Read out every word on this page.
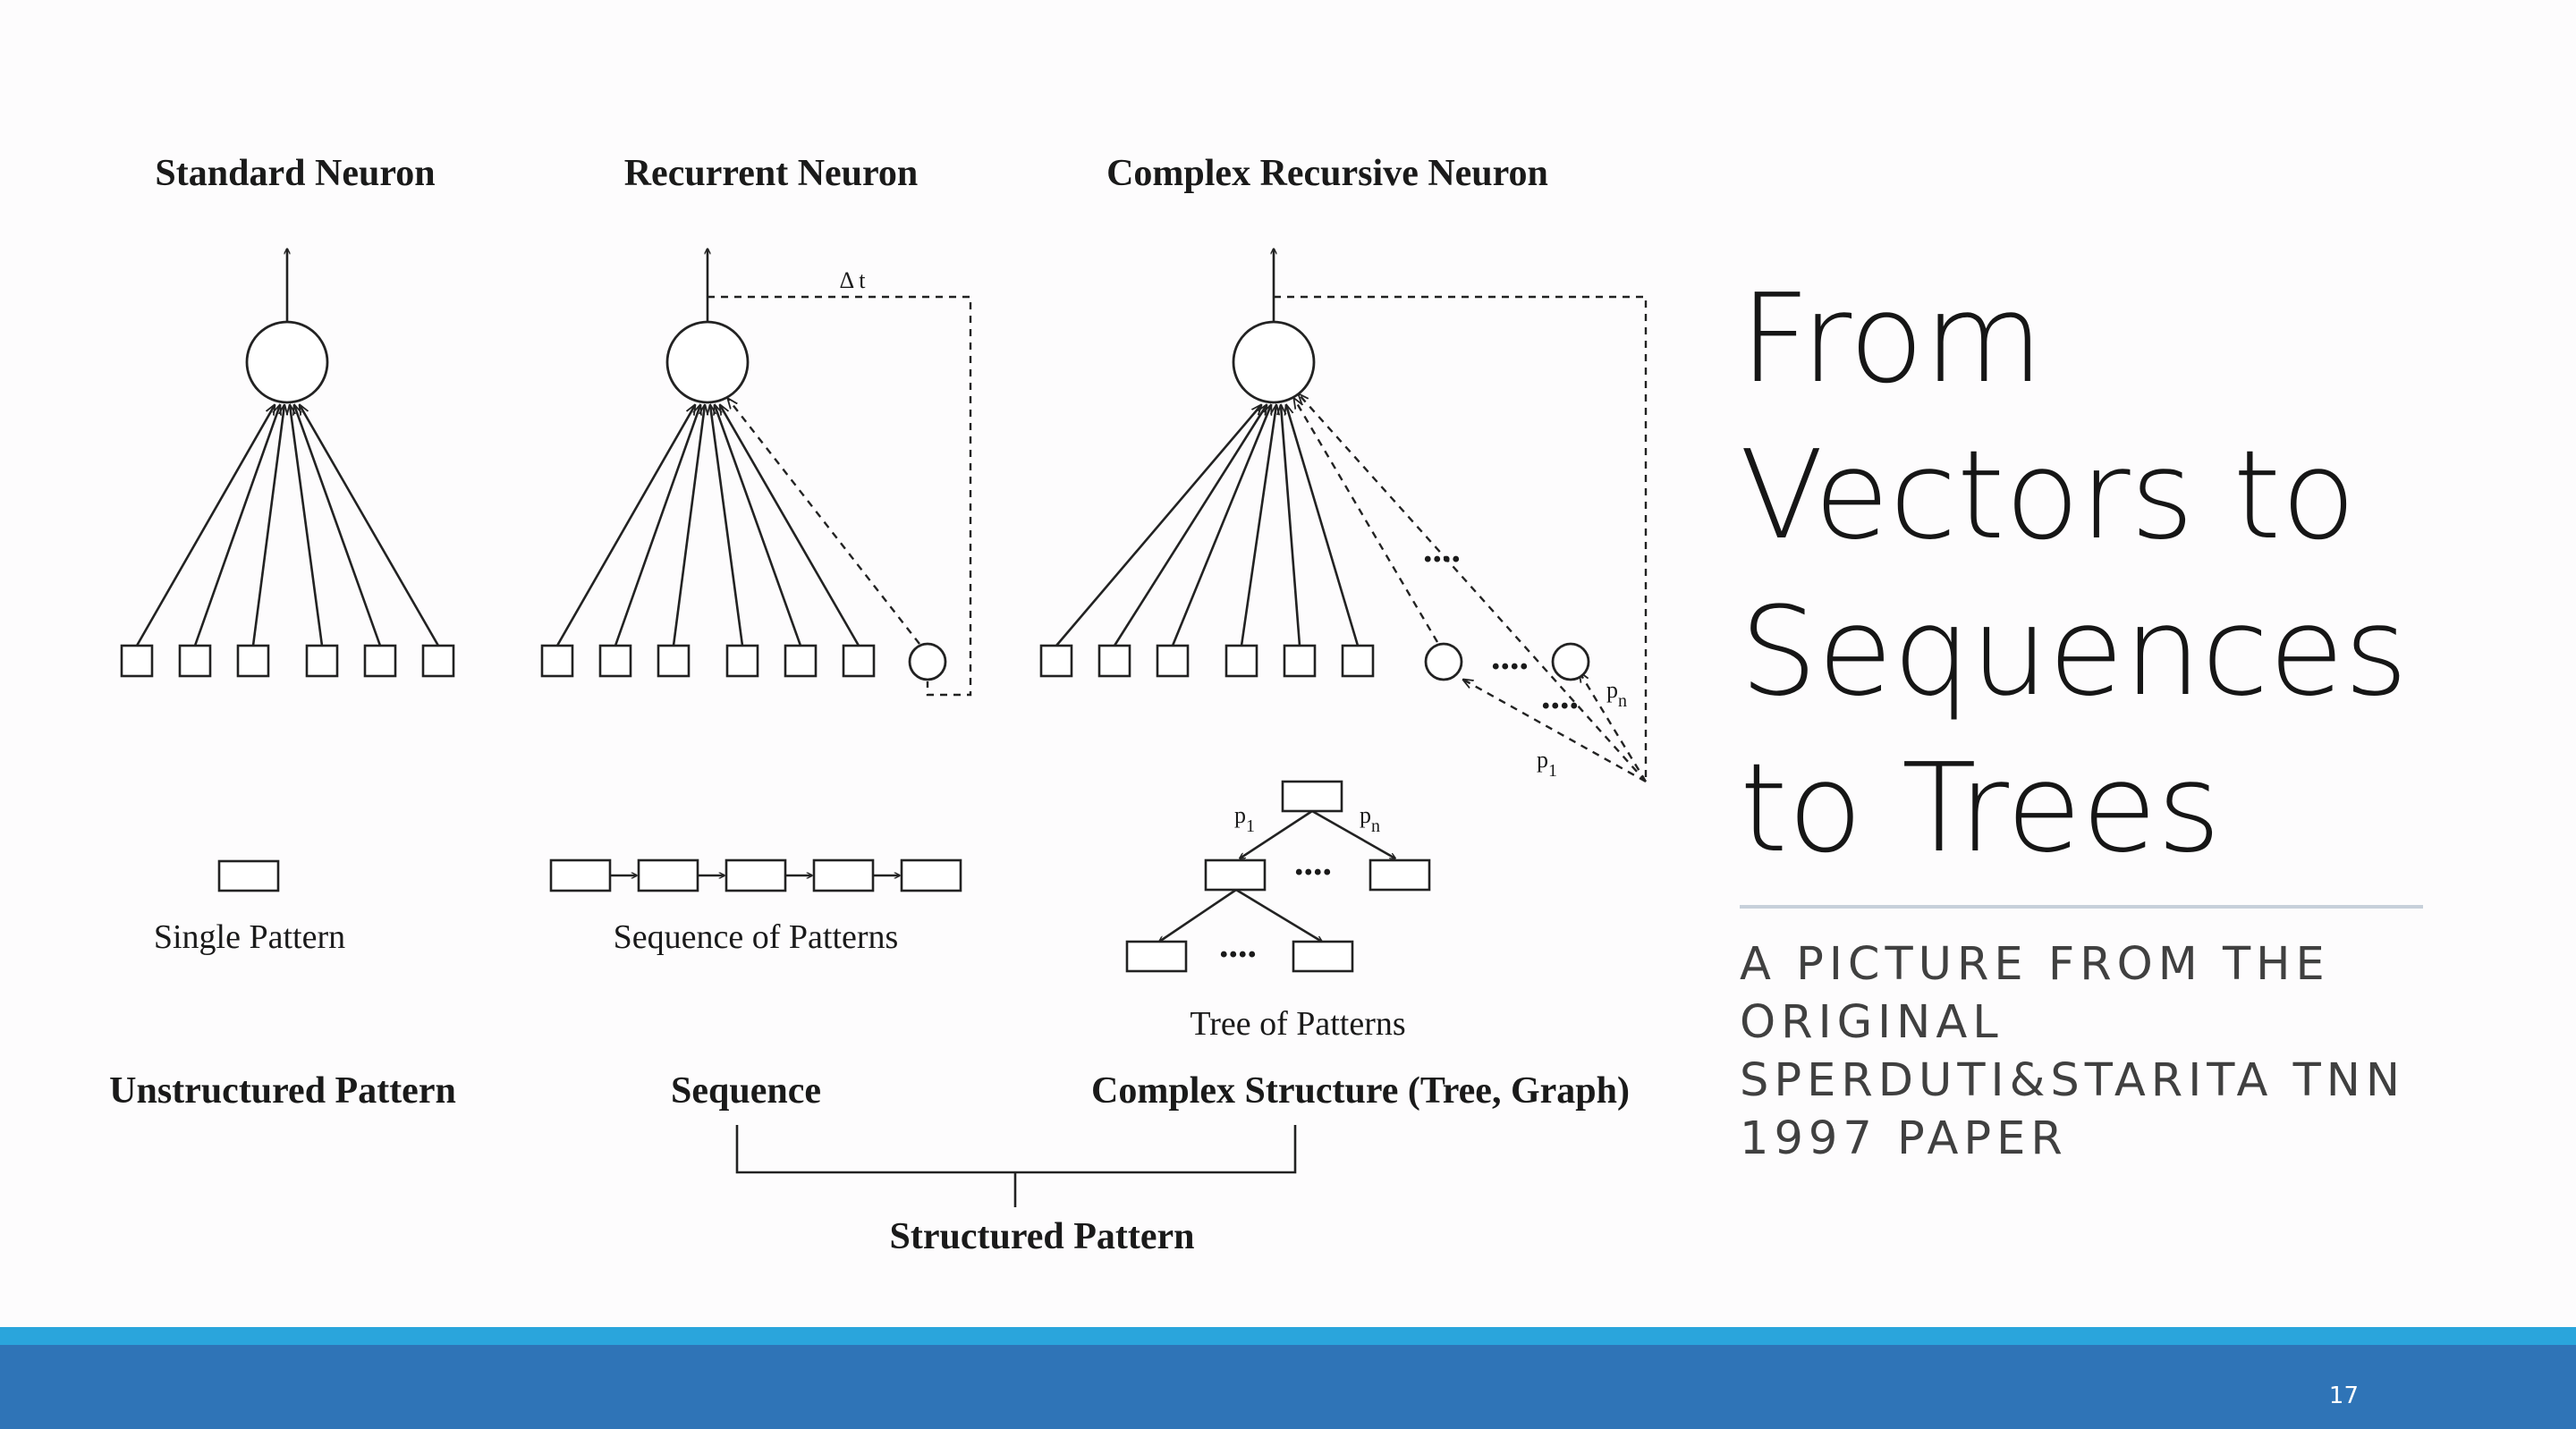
Standard Neuron	Recurrent Neuron	Complex Recursive Neuron
Δ t
....
....
.... $p_n$
$p_1$
Single Pattern	Sequence of Patterns
....
....
$p_1$	$p_n$
Tree of Patterns
Unstructured Pattern	Sequence	Complex Structure (Tree, Graph)
Structured Pattern
From
Vectors to
Sequences
to Trees
A PICTURE FROM THE
ORIGINAL
SPERDUTI&STARITA TNN
1997 PAPER
17
